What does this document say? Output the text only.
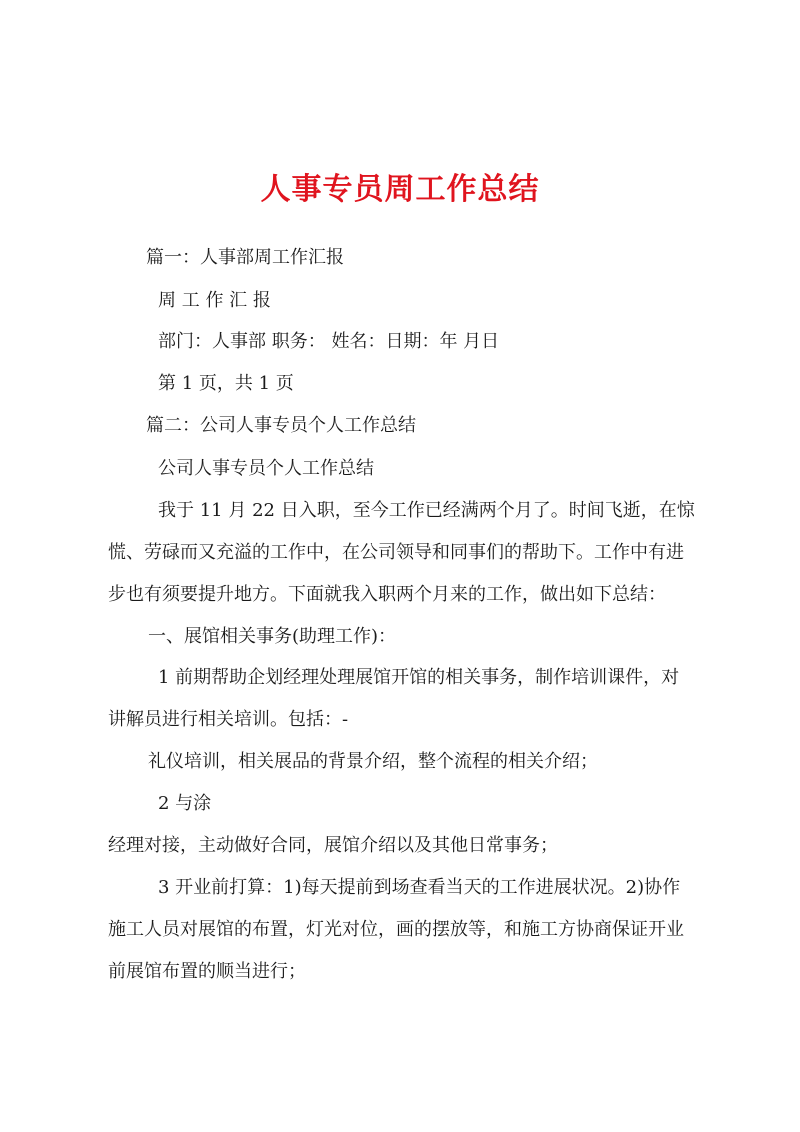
人事专员周工作总结
篇一：人事部周工作汇报
周 工 作 汇 报
部门：人事部 职务： 姓名：日期：年 月日
第 1 页，共 1 页
篇二：公司人事专员个人工作总结
公司人事专员个人工作总结
我于 11 月 22 日入职，至今工作已经满两个月了。时间飞逝，在惊
慌、劳碌而又充溢的工作中，在公司领导和同事们的帮助下。工作中有进
步也有须要提升地方。下面就我入职两个月来的工作，做出如下总结：
一、展馆相关事务(助理工作)：
1 前期帮助企划经理处理展馆开馆的相关事务，制作培训课件，对
讲解员进行相关培训。包括：-
礼仪培训，相关展品的背景介绍，整个流程的相关介绍；
2 与涂
经理对接，主动做好合同，展馆介绍以及其他日常事务；
3 开业前打算：1)每天提前到场查看当天的工作进展状况。2)协作
施工人员对展馆的布置，灯光对位，画的摆放等，和施工方协商保证开业
前展馆布置的顺当进行；
